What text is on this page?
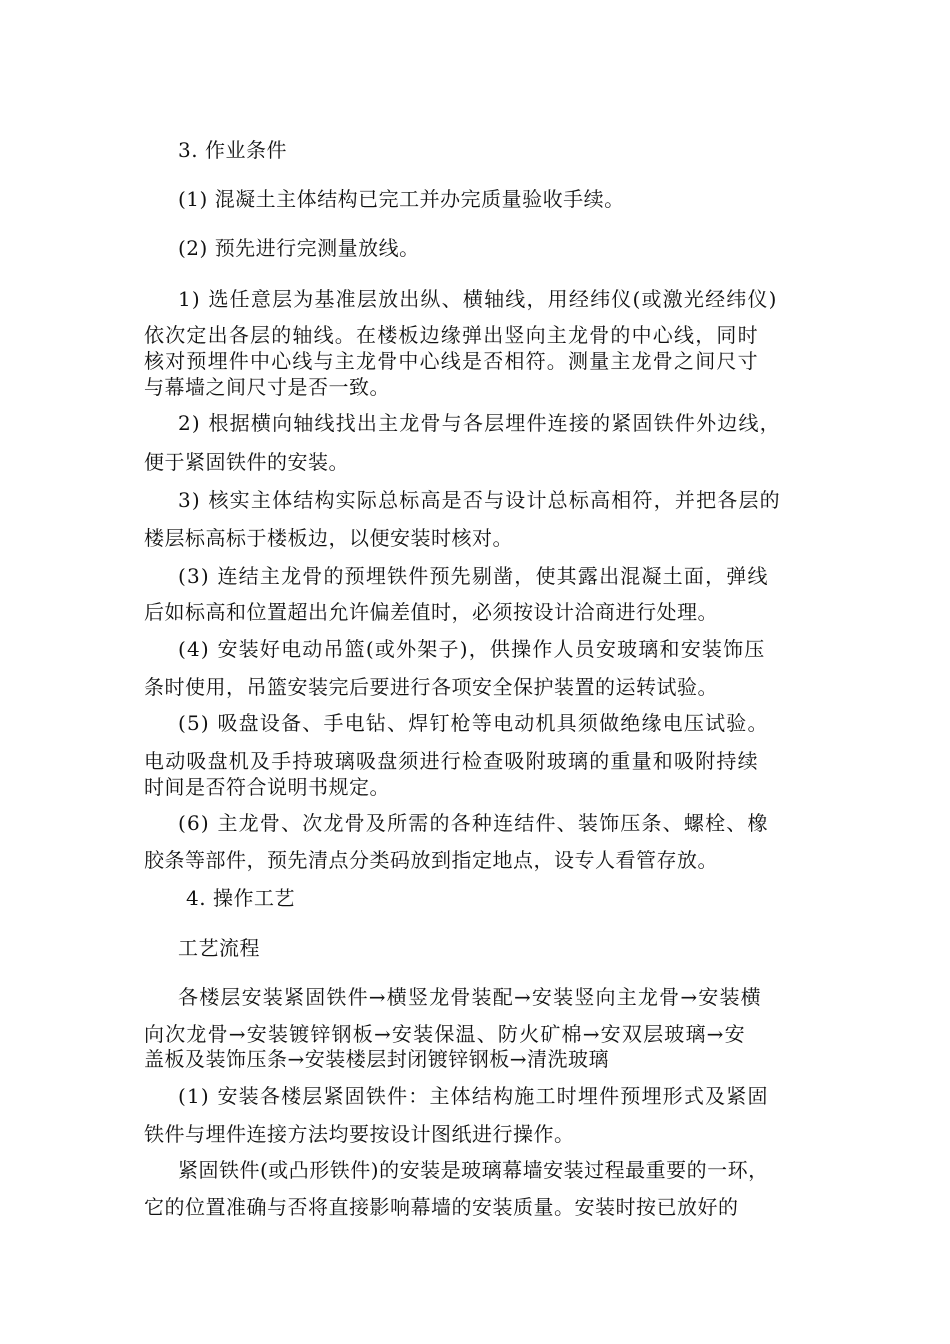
3. 作业条件
(1) 混凝土主体结构已完工并办完质量验收手续。
(2) 预先进行完测量放线。
1) 选任意层为基准层放出纵、横轴线，用经纬仪(或激光经纬仪)
依次定出各层的轴线。在楼板边缘弹出竖向主龙骨的中心线，同时
核对预埋件中心线与主龙骨中心线是否相符。测量主龙骨之间尺寸
与幕墙之间尺寸是否一致。
2) 根据横向轴线找出主龙骨与各层埋件连接的紧固铁件外边线，
便于紧固铁件的安装。
3) 核实主体结构实际总标高是否与设计总标高相符，并把各层的
楼层标高标于楼板边，以便安装时核对。
(3) 连结主龙骨的预埋铁件预先剔凿，使其露出混凝土面，弹线
后如标高和位置超出允许偏差值时，必须按设计洽商进行处理。
(4) 安装好电动吊篮(或外架子)，供操作人员安玻璃和安装饰压
条时使用，吊篮安装完后要进行各项安全保护装置的运转试验。
(5) 吸盘设备、手电钻、焊钉枪等电动机具须做绝缘电压试验。
电动吸盘机及手持玻璃吸盘须进行检查吸附玻璃的重量和吸附持续
时间是否符合说明书规定。
(6) 主龙骨、次龙骨及所需的各种连结件、装饰压条、螺栓、橡
胶条等部件，预先清点分类码放到指定地点，设专人看管存放。
4. 操作工艺
工艺流程
各楼层安装紧固铁件→横竖龙骨装配→安装竖向主龙骨→安装横
向次龙骨→安装镀锌钢板→安装保温、防火矿棉→安双层玻璃→安
盖板及装饰压条→安装楼层封闭镀锌钢板→清洗玻璃
(1) 安装各楼层紧固铁件：主体结构施工时埋件预埋形式及紧固
铁件与埋件连接方法均要按设计图纸进行操作。
紧固铁件(或凸形铁件)的安装是玻璃幕墙安装过程最重要的一环，
它的位置准确与否将直接影响幕墙的安装质量。安装时按已放好的
